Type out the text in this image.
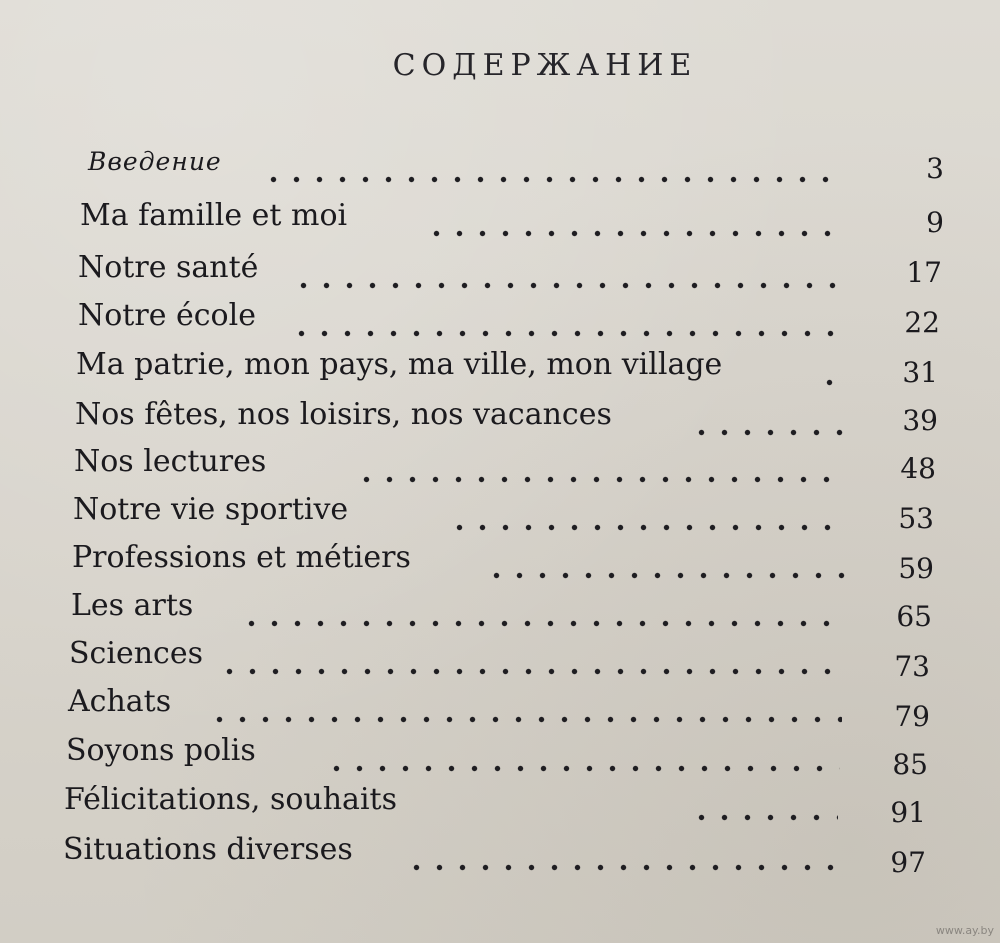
СОДЕРЖАНИЕ
Введение	3
Ma famille et moi	9
Notre santé	17
Notre école	22
Ma patrie, mon pays, ma ville, mon village	31
Nos fêtes, nos loisirs, nos vacances	39
Nos lectures	48
Notre vie sportive	53
Professions et métiers	59
Les arts	65
Sciences	73
Achats	79
Soyons polis	85
Félicitations, souhaits	91
Situations diverses	97
www.ay.by
